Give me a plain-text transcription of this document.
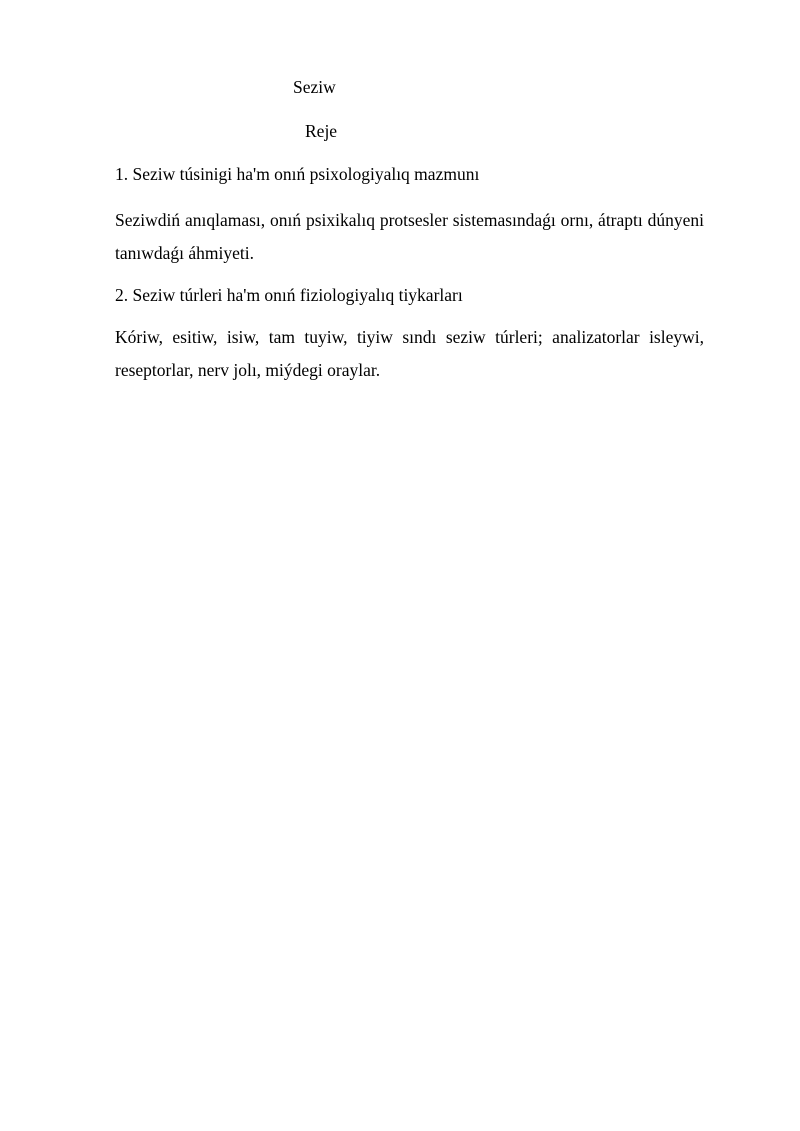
Seziw
Reje

1. Seziw túsinigi ha'm onıń psixologiyalıq mazmunı

Seziwdiń anıqlaması, onıń psixikalıq protsesler sistemasındaǵı ornı, átraptı dúnyeni tanıwdaǵı áhmiyeti.

2. Seziw túrleri ha'm onıń fiziologiyalıq tiykarları

Kóriw, esitiw, isiw, tam tuyiw, tiyiw sındı seziw túrleri; analizatorlar isleywi, reseptorlar, nerv jolı, miýdegi oraylar.
